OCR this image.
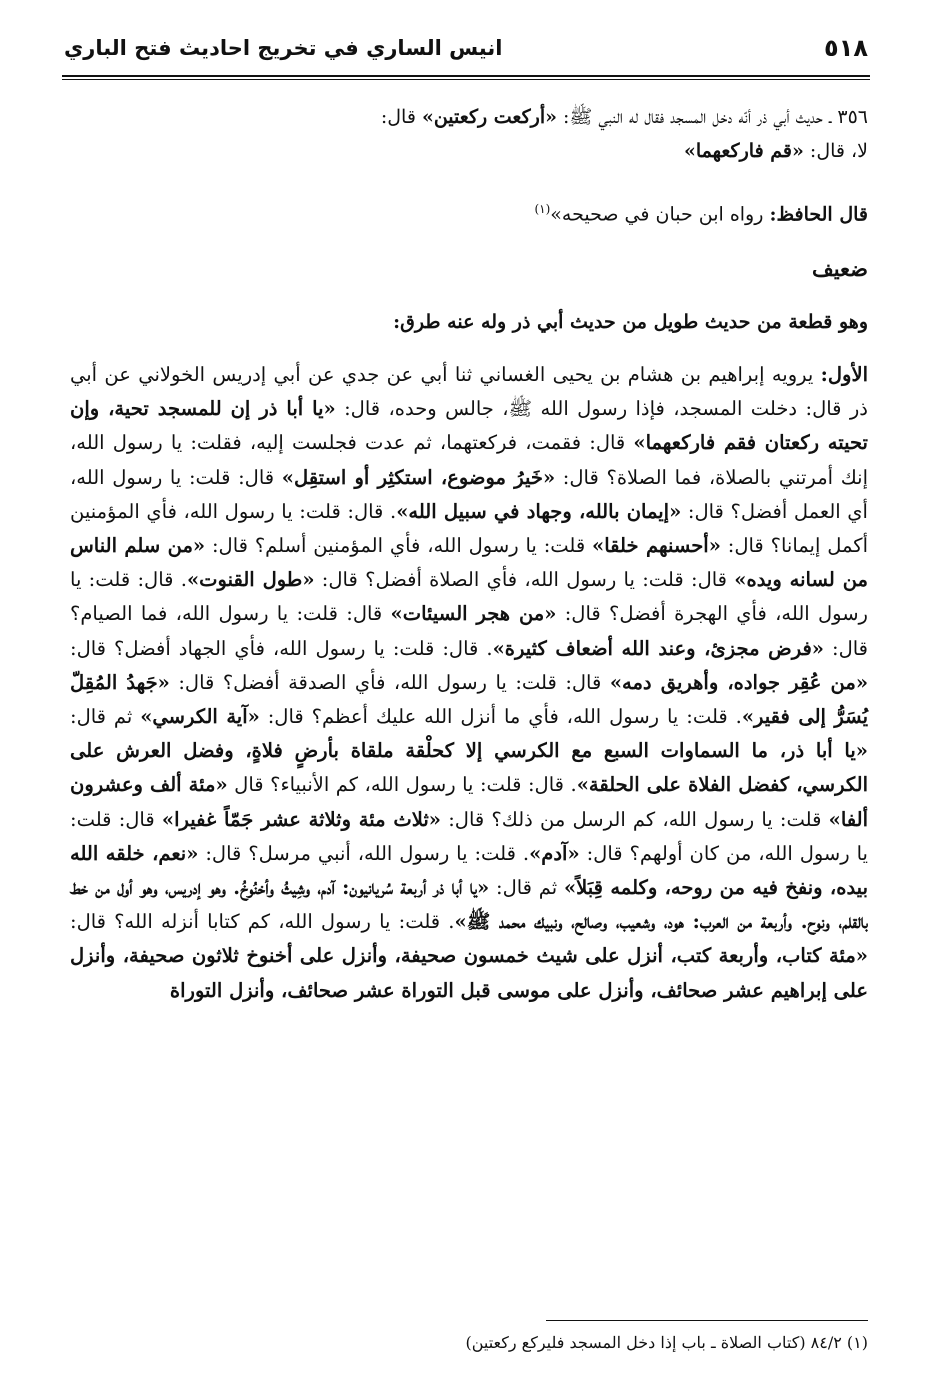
٥١٨
انيس الساري في تخريج احاديث فتح الباري

٣٥٦ ـ حديث أبي ذر أنّه دخل المسجد فقال له النبي ﷺ: «أركعت ركعتين» قال:

لا، قال: «قم فاركعهما»

قال الحافظ: رواه ابن حبان في صحيحه»$^{(١)}$
ضعيف
وهو قطعة من حديث طويل من حديث أبي ذر وله عنه طرق:
الأول: يرويه إبراهيم بن هشام بن يحيى الغساني ثنا أبي عن جدي عن أبي إدريس الخولاني عن أبي ذر قال: دخلت المسجد، فإذا رسول الله ﷺ، جالس وحده، قال: «يا أبا ذر إن للمسجد تحية، وإن تحيته ركعتان فقم فاركعهما» قال: فقمت، فركعتهما، ثم عدت فجلست إليه، فقلت: يا رسول الله، إنك أمرتني بالصلاة، فما الصلاة؟ قال: «خَيرُ موضوع، استكثِر أو استقِل» قال: قلت: يا رسول الله، أي العمل أفضل؟ قال: «إيمان بالله، وجهاد في سبيل الله». قال: قلت: يا رسول الله، فأي المؤمنين أكمل إيمانا؟ قال: «أحسنهم خلقا» قلت: يا رسول الله، فأي المؤمنين أسلم؟ قال: «من سلم الناس من لسانه ويده» قال: قلت: يا رسول الله، فأي الصلاة أفضل؟ قال: «طول القنوت». قال: قلت: يا رسول الله، فأي الهجرة أفضل؟ قال: «من هجر السيئات» قال: قلت: يا رسول الله، فما الصيام؟ قال: «فرض مجزئ، وعند الله أضعاف كثيرة». قال: قلت: يا رسول الله، فأي الجهاد أفضل؟ قال: «من عُقِر جواده، وأهريق دمه» قال: قلت: يا رسول الله، فأي الصدقة أفضل؟ قال: «جَهدُ المُقِلّ يُسَرُّ إلى فقير». قلت: يا رسول الله، فأي ما أنزل الله عليك أعظم؟ قال: «آية الكرسي» ثم قال: «يا أبا ذر، ما السماوات السبع مع الكرسي إلا كحلْقة ملقاة بأرضٍ فلاةٍ، وفضل العرش على الكرسي، كفضل الفلاة على الحلقة». قال: قلت: يا رسول الله، كم الأنبياء؟ قال «مئة ألف وعشرون ألفا» قلت: يا رسول الله، كم الرسل من ذلك؟ قال: «ثلاث مئة وثلاثة عشر جَمّاً غفيرا» قال: قلت: يا رسول الله، من كان أولهم؟ قال: «آدم». قلت: يا رسول الله، أنبي مرسل؟ قال: «نعم، خلقه الله بيده، ونفخ فيه من روحه، وكلمه قِبَلاً» ثم قال: «يا أبا ذر أربعة سُريانيون: آدم، وشِيثُ وأخنُوخُ. وهو إدريس، وهو أول من خط بالقلم، ونوح. وأربعة من العرب: هود، وشعيب، وصالح، ونبيك محمد ﷺ». قلت: يا رسول الله، كم كتابا أنزله الله؟ قال: «مئة كتاب، وأربعة كتب، أنزل على شيث خمسون صحيفة، وأنزل على أخنوخ ثلاثون صحيفة، وأنزل على إبراهيم عشر صحائف، وأنزل على موسى قبل التوراة عشر صحائف، وأنزل التوراة
(١) ٨٤/٢ (كتاب الصلاة ـ باب إذا دخل المسجد فليركع ركعتين)
